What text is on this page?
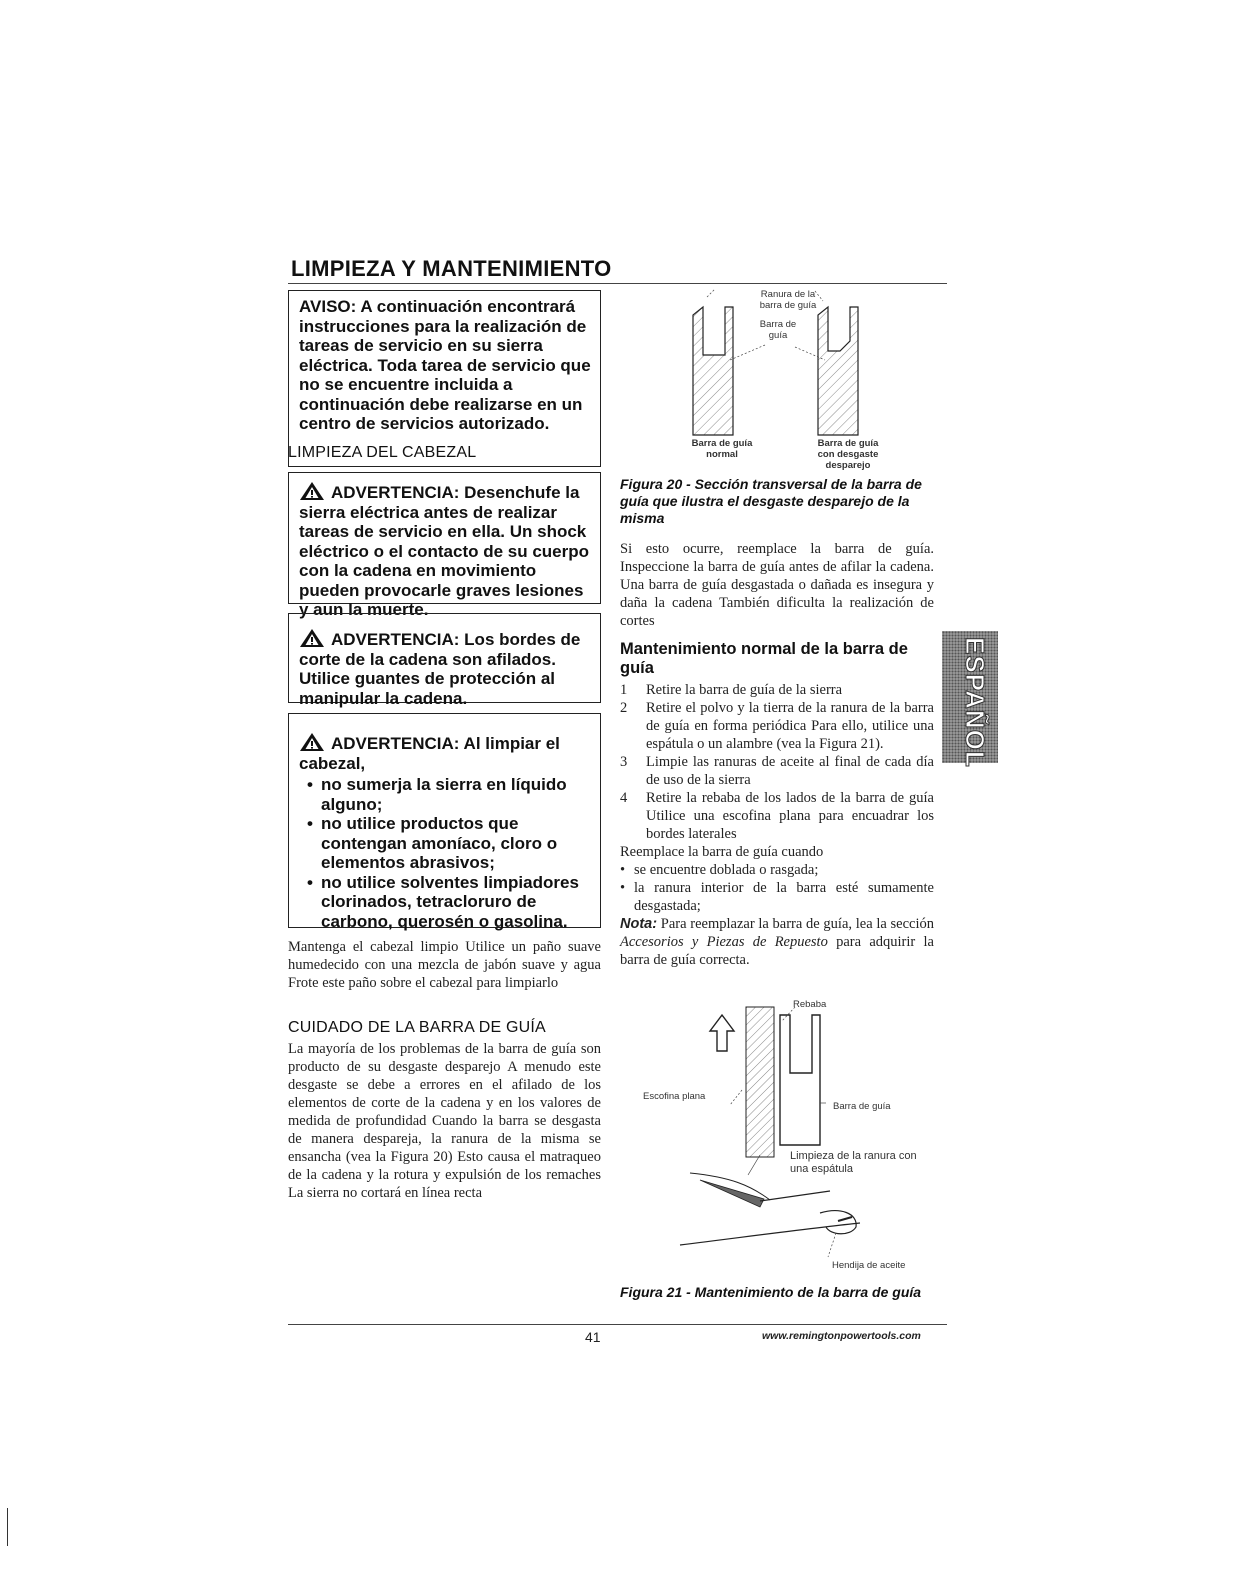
LIMPIEZA Y MANTENIMIENTO
AVISO: A continuación encontrará instrucciones para la realización de tareas de servicio en su sierra eléctrica. Toda tarea de servicio que no se encuentre incluida a continuación debe realizarse en un centro de servicios autorizado.
LIMPIEZA DEL CABEZAL
ADVERTENCIA: Desenchufe la sierra eléctrica antes de realizar tareas de servicio en ella. Un shock eléctrico o el contacto de su cuerpo con la cadena en movimiento pueden provocarle graves lesiones y aun la muerte.
ADVERTENCIA: Los bordes de corte de la cadena son afilados. Utilice guantes de protección al manipular la cadena.
ADVERTENCIA: Al limpiar el cabezal,
• no sumerja la sierra en líquido alguno;
• no utilice productos que contengan amoníaco, cloro o elementos abrasivos;
• no utilice solventes limpiadores clorinados, tetracloruro de carbono, querosén o gasolina.
Mantenga el cabezal limpio Utilice un paño suave humedecido con una mezcla de jabón suave y agua Frote este paño sobre el cabezal para limpiarlo
CUIDADO DE LA BARRA DE GUÍA
La mayoría de los problemas de la barra de guía son producto de su desgaste desparejo A menudo este desgaste se debe a errores en el afilado de los elementos de corte de la cadena y en los valores de medida de profundidad Cuando la barra se desgasta de manera despareja, la ranura de la misma se ensancha (vea la Figura 20) Esto causa el matraqueo de la cadena y la rotura y expulsión de los remaches La sierra no cortará en línea recta
Ranura de la barra de guía
Barra de guía
Barra de guía normal
Barra de guía con desgaste desparejo
Figura 20 - Sección transversal de la barra de guía que ilustra el desgaste desparejo de la misma
Si esto ocurre, reemplace la barra de guía. Inspeccione la barra de guía antes de afilar la cadena. Una barra de guía desgastada o dañada es insegura y daña la cadena También dificulta la realización de cortes
Mantenimiento normal de la barra de guía
1 Retire la barra de guía de la sierra
2 Retire el polvo y la tierra de la ranura de la barra de guía en forma periódica Para ello, utilice una espátula o un alambre (vea la Figura 21).
3 Limpie las ranuras de aceite al final de cada día de uso de la sierra
4 Retire la rebaba de los lados de la barra de guía Utilice una escofina plana para encuadrar los bordes laterales
Reemplace la barra de guía cuando
• se encuentre doblada o rasgada;
• la ranura interior de la barra esté sumamente desgastada;
Nota: Para reemplazar la barra de guía, lea la sección Accesorios y Piezas de Repuesto para adquirir la barra de guía correcta.
ESPAÑOL
Rebaba
Escofina plana
Barra de guía
Limpieza de la ranura con una espátula
Hendija de aceite
Figura 21 - Mantenimiento de la barra de guía
41	www.remingtonpowertools.com
